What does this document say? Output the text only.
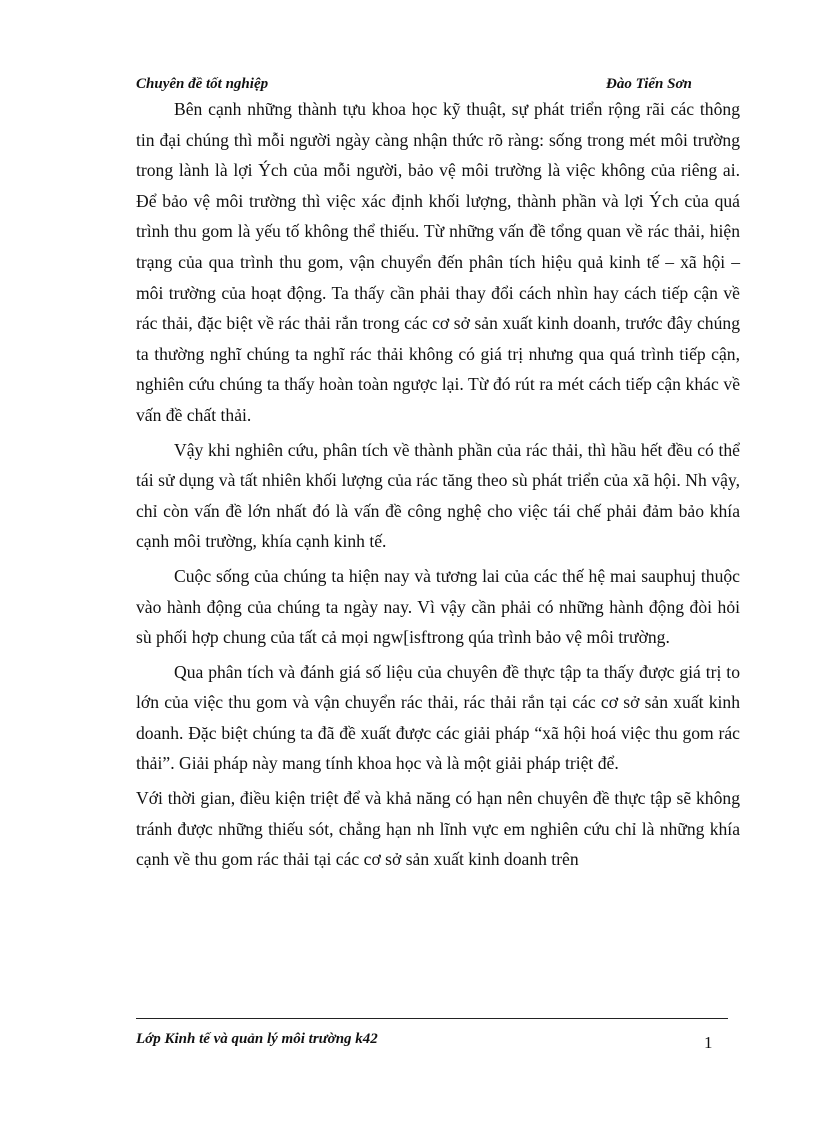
Chuyên đề tốt nghiệp	Đào Tiến Sơn

Bên cạnh những thành tựu khoa học kỹ thuật, sự phát triển rộng rãi các thông tin đại chúng thì mỗi người ngày càng nhận thức rõ ràng: sống trong mét môi trường trong lành là lợi Ých của mỗi người, bảo vệ môi trường là việc không của riêng ai. Để bảo vệ môi trường thì việc xác định khối lượng, thành phần và lợi Ých của quá trình thu gom là yếu tố không thể thiếu. Từ những vấn đề tổng quan về rác thải, hiện trạng của qua trình thu gom, vận chuyển đến phân tích hiệu quả kinh tế – xã hội – môi trường của hoạt động. Ta thấy cần phải thay đổi cách nhìn hay cách tiếp cận về rác thải, đặc biệt về rác thải rắn trong các cơ sở sản xuất kinh doanh, trước đây chúng ta thường nghĩ chúng ta nghĩ rác thải không có giá trị nhưng qua quá trình tiếp cận, nghiên cứu chúng ta thấy hoàn toàn ngược lại. Từ đó rút ra mét cách tiếp cận khác về vấn đề chất thải.

Vậy khi nghiên cứu, phân tích về thành phần của rác thải, thì hầu hết đều có thể tái sử dụng và tất nhiên khối lượng của rác tăng theo sù phát triển của xã hội. Nh vậy, chỉ còn vấn đề lớn nhất đó là vấn đề công nghệ cho việc tái chế phải đảm bảo khía cạnh môi trường, khía cạnh kinh tế.

Cuộc sống của chúng ta hiện nay và tương lai của các thế hệ mai sauphuj thuộc vào hành động của chúng ta ngày nay. Vì vậy cần phải có những hành động đòi hỏi sù phối hợp chung của tất cả mọi ngw[isftrong qúa trình bảo vệ môi trường.

Qua phân tích và đánh giá số liệu của chuyên đề thực tập ta thấy được giá trị to lớn của việc thu gom và vận chuyển rác thải, rác thải rắn tại các cơ sở sản xuất kinh doanh. Đặc biệt chúng ta đã đề xuất được các giải pháp “xã hội hoá việc thu gom rác thải”. Giải pháp này mang tính khoa học và là một giải pháp triệt để.

Với thời gian, điều kiện triệt để và khả năng có hạn nên chuyên đề thực tập sẽ không tránh được những thiếu sót, chẳng hạn nh lĩnh vực em nghiên cứu chỉ là những khía cạnh về thu gom rác thải tại các cơ sở sản xuất kinh doanh trên

Lớp Kinh tế và quản lý môi trường k42	1
